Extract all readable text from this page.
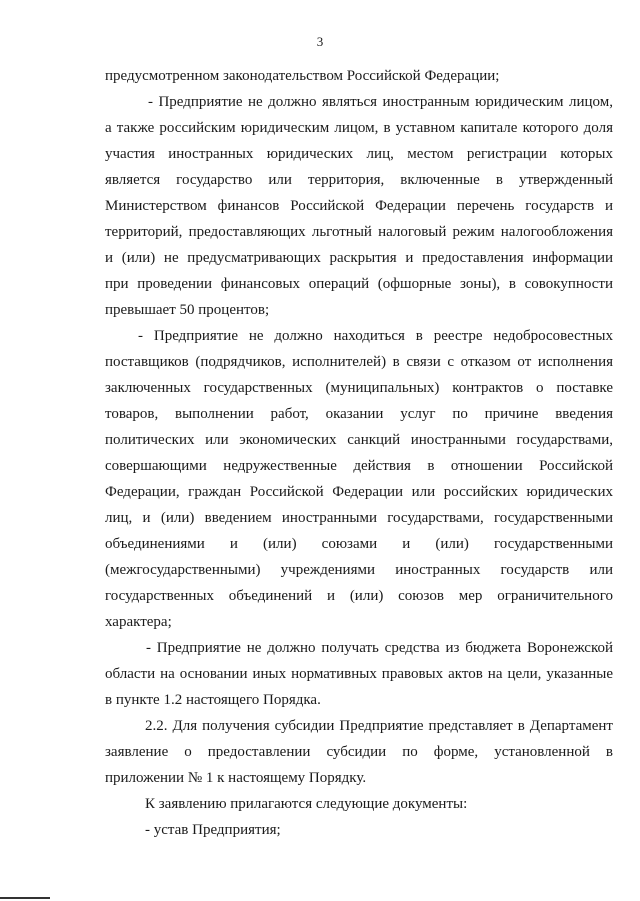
3

предусмотренном законодательством Российской Федерации;

- Предприятие не должно являться иностранным юридическим лицом,

а также российским юридическим лицом, в уставном капитале которого доля

участия иностранных юридических лиц, местом регистрации которых

является государство или территория, включенные в утвержденный

Министерством финансов Российской Федерации перечень государств и

территорий, предоставляющих льготный налоговый режим налогообложения

и (или) не предусматривающих раскрытия и предоставления информации

при проведении финансовых операций (офшорные зоны), в совокупности

превышает 50 процентов;

- Предприятие не должно находиться в реестре недобросовестных

поставщиков (подрядчиков, исполнителей) в связи с отказом от исполнения

заключенных государственных (муниципальных) контрактов о поставке

товаров, выполнении работ, оказании услуг по причине введения

политических или экономических санкций иностранными государствами,

совершающими недружественные действия в отношении Российской

Федерации, граждан Российской Федерации или российских юридических

лиц, и (или) введением иностранными государствами, государственными

объединениями и (или) союзами и (или) государственными

(межгосударственными) учреждениями иностранных государств или

государственных объединений и (или) союзов мер ограничительного

характера;

- Предприятие не должно получать средства из бюджета Воронежской

области на основании иных нормативных правовых актов на цели, указанные

в пункте 1.2 настоящего Порядка.

2.2. Для получения субсидии Предприятие представляет в Департамент

заявление о предоставлении субсидии по форме, установленной в

приложении № 1 к настоящему Порядку.

К заявлению прилагаются следующие документы:

- устав Предприятия;
